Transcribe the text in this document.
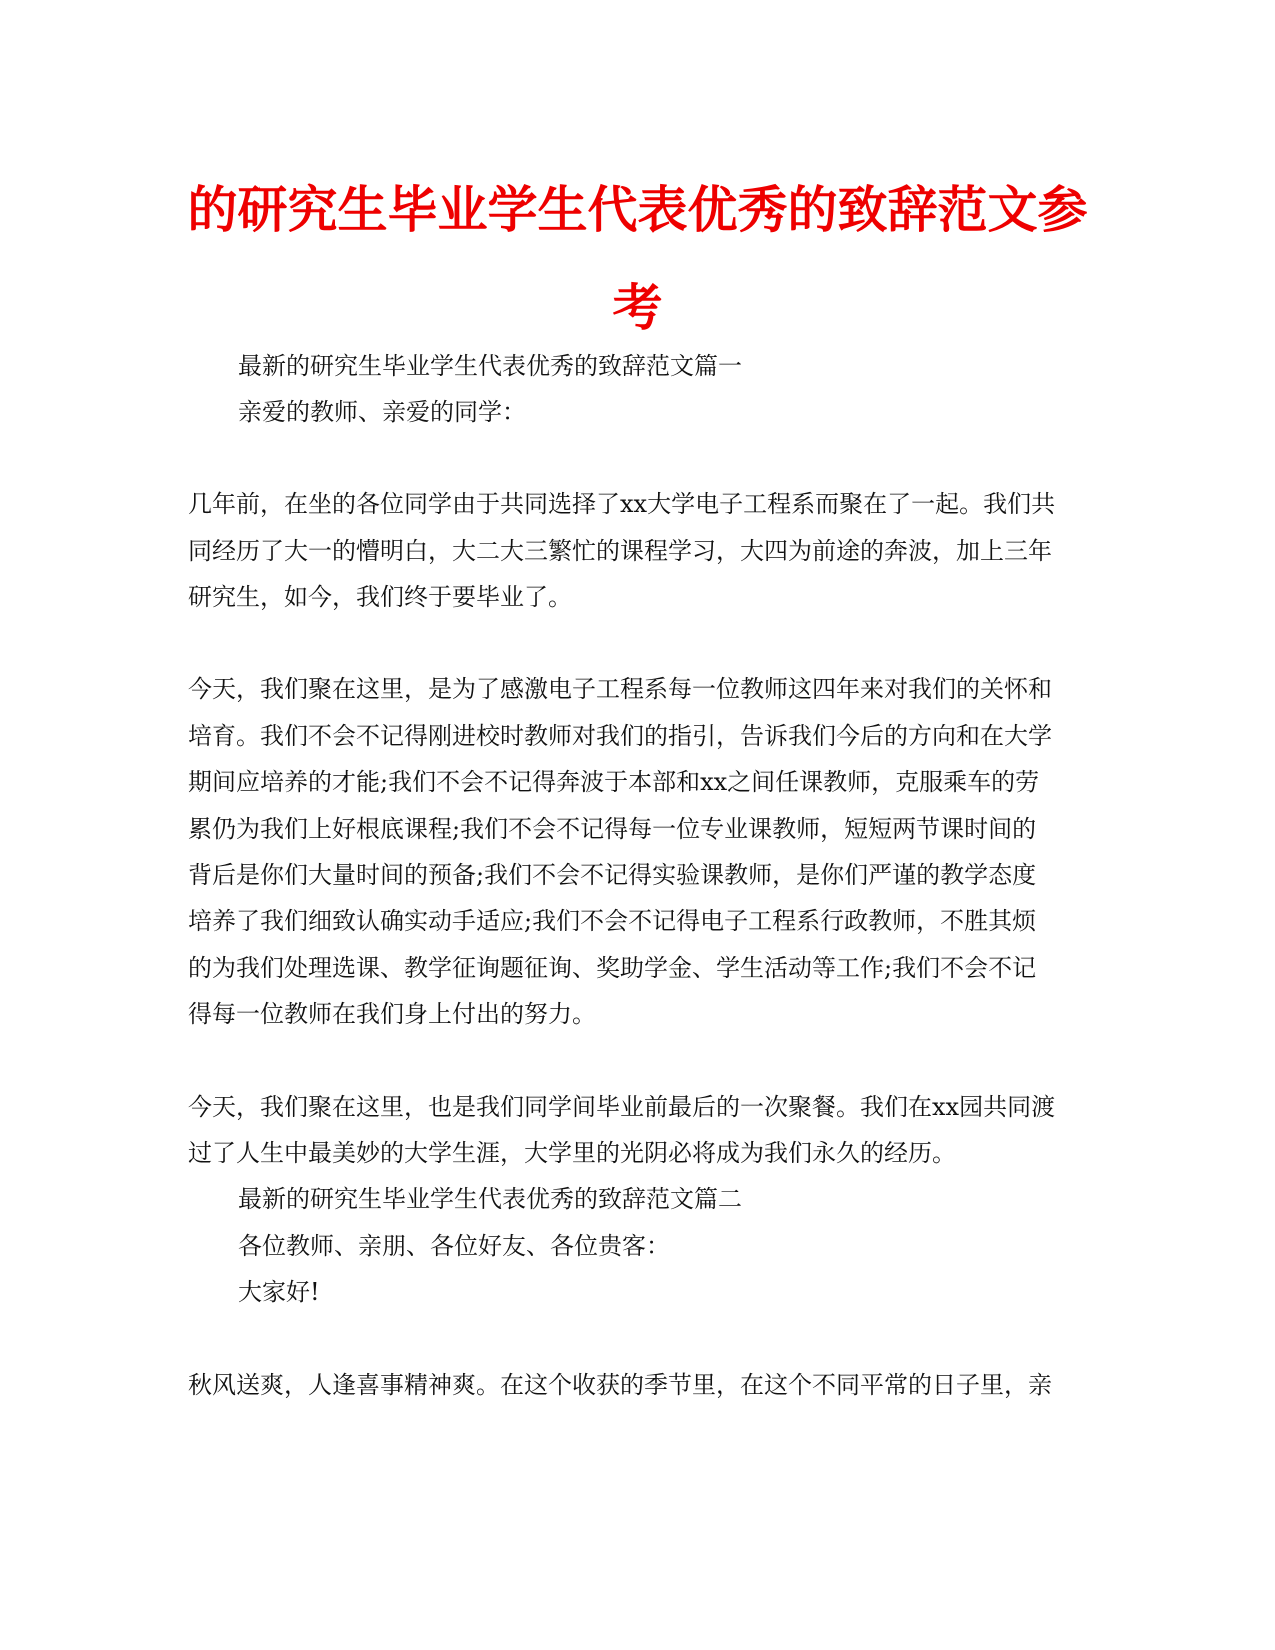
的研究生毕业学生代表优秀的致辞范文参
考

最新的研究生毕业学生代表优秀的致辞范文篇一

亲爱的教师、亲爱的同学：

几年前，在坐的各位同学由于共同选择了xx大学电子工程系而聚在了一起。我们共

同经历了大一的懵明白，大二大三繁忙的课程学习，大四为前途的奔波，加上三年

研究生，如今，我们终于要毕业了。

今天，我们聚在这里，是为了感激电子工程系每一位教师这四年来对我们的关怀和

培育。我们不会不记得刚进校时教师对我们的指引，告诉我们今后的方向和在大学

期间应培养的才能;我们不会不记得奔波于本部和xx之间任课教师，克服乘车的劳

累仍为我们上好根底课程;我们不会不记得每一位专业课教师，短短两节课时间的

背后是你们大量时间的预备;我们不会不记得实验课教师，是你们严谨的教学态度

培养了我们细致认确实动手适应;我们不会不记得电子工程系行政教师，不胜其烦

的为我们处理选课、教学征询题征询、奖助学金、学生活动等工作;我们不会不记

得每一位教师在我们身上付出的努力。

今天，我们聚在这里，也是我们同学间毕业前最后的一次聚餐。我们在xx园共同渡

过了人生中最美妙的大学生涯，大学里的光阴必将成为我们永久的经历。

最新的研究生毕业学生代表优秀的致辞范文篇二

各位教师、亲朋、各位好友、各位贵客：

大家好!

秋风送爽，人逢喜事精神爽。在这个收获的季节里，在这个不同平常的日子里，亲
